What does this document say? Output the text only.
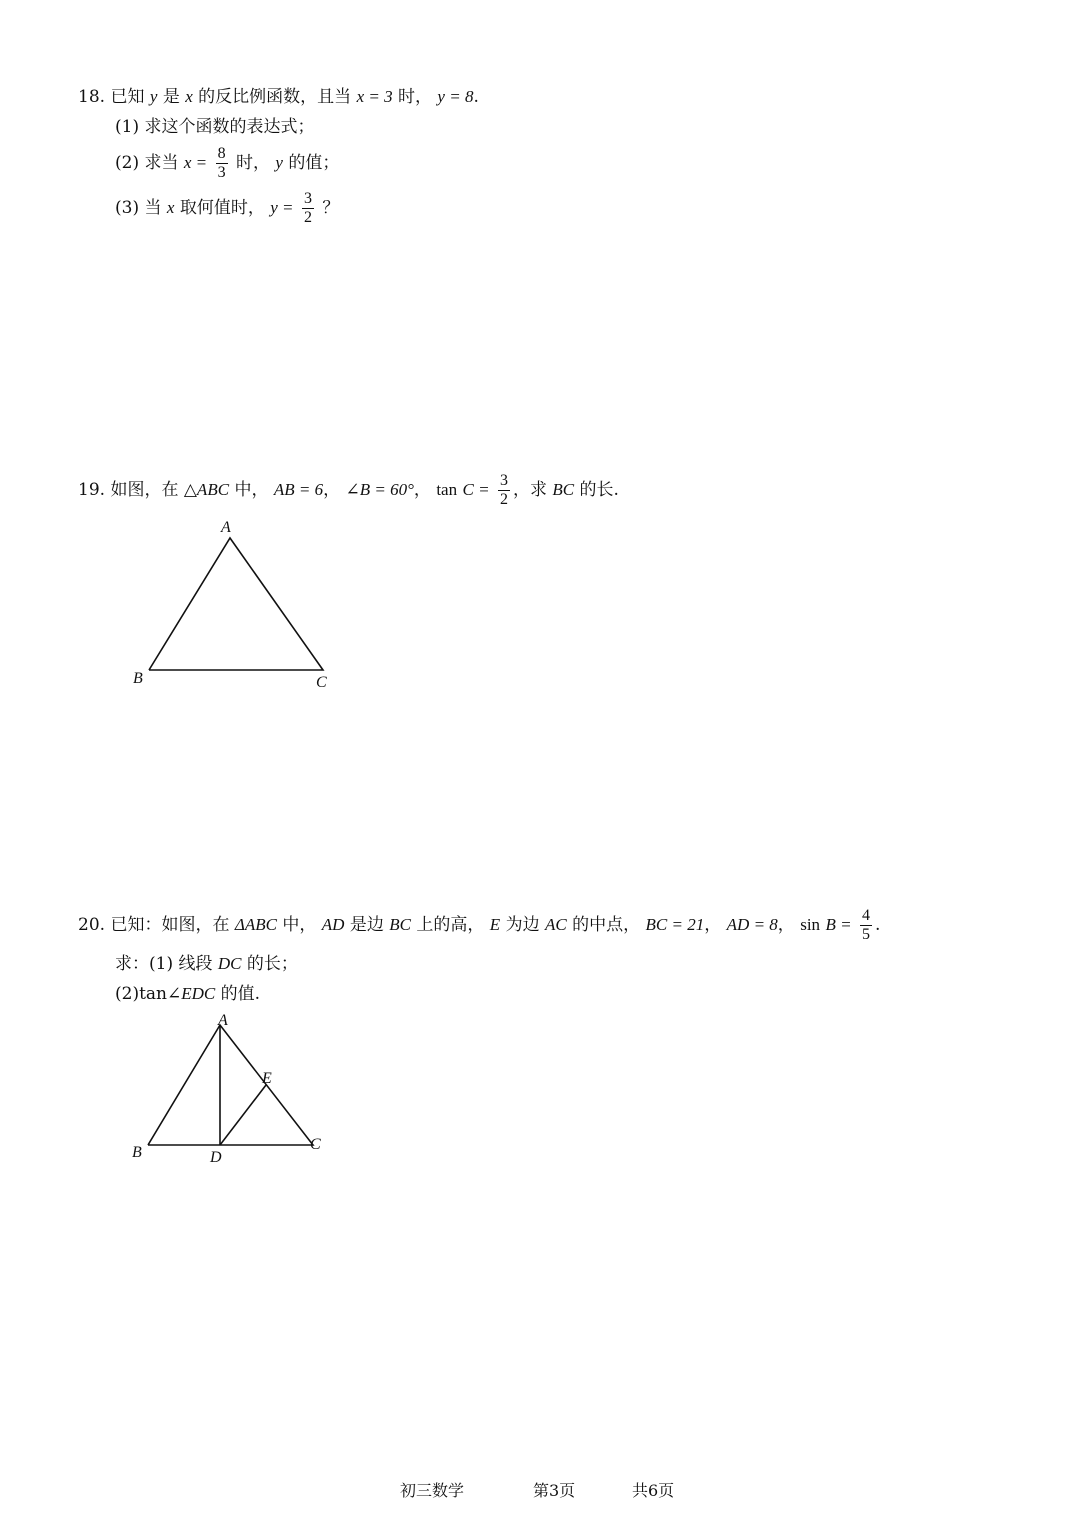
18. 已知 y 是 x 的反比例函数，且当 x = 3 时， y = 8.
(1) 求这个函数的表达式；
(2) 求当 $x = \frac{8}{3}$ 时， y 的值；
(3) 当 x 取何值时， $y = \frac{3}{2}$ ？
19. 如图，在 △ABC 中， AB = 6， ∠B = 60°， $\tan C = \frac{3}{2}$ ，求 BC 的长.
A
B	C
20. 已知：如图，在 ΔABC 中， AD 是边 BC 上的高， E 为边 AC 的中点， BC = 21， AD = 8， $\sin B = \frac{4}{5}$ .
求：(1) 线段 DC 的长；
(2)tan∠EDC 的值.
A
B	C
D
E
初三数学	第3页	共6页
